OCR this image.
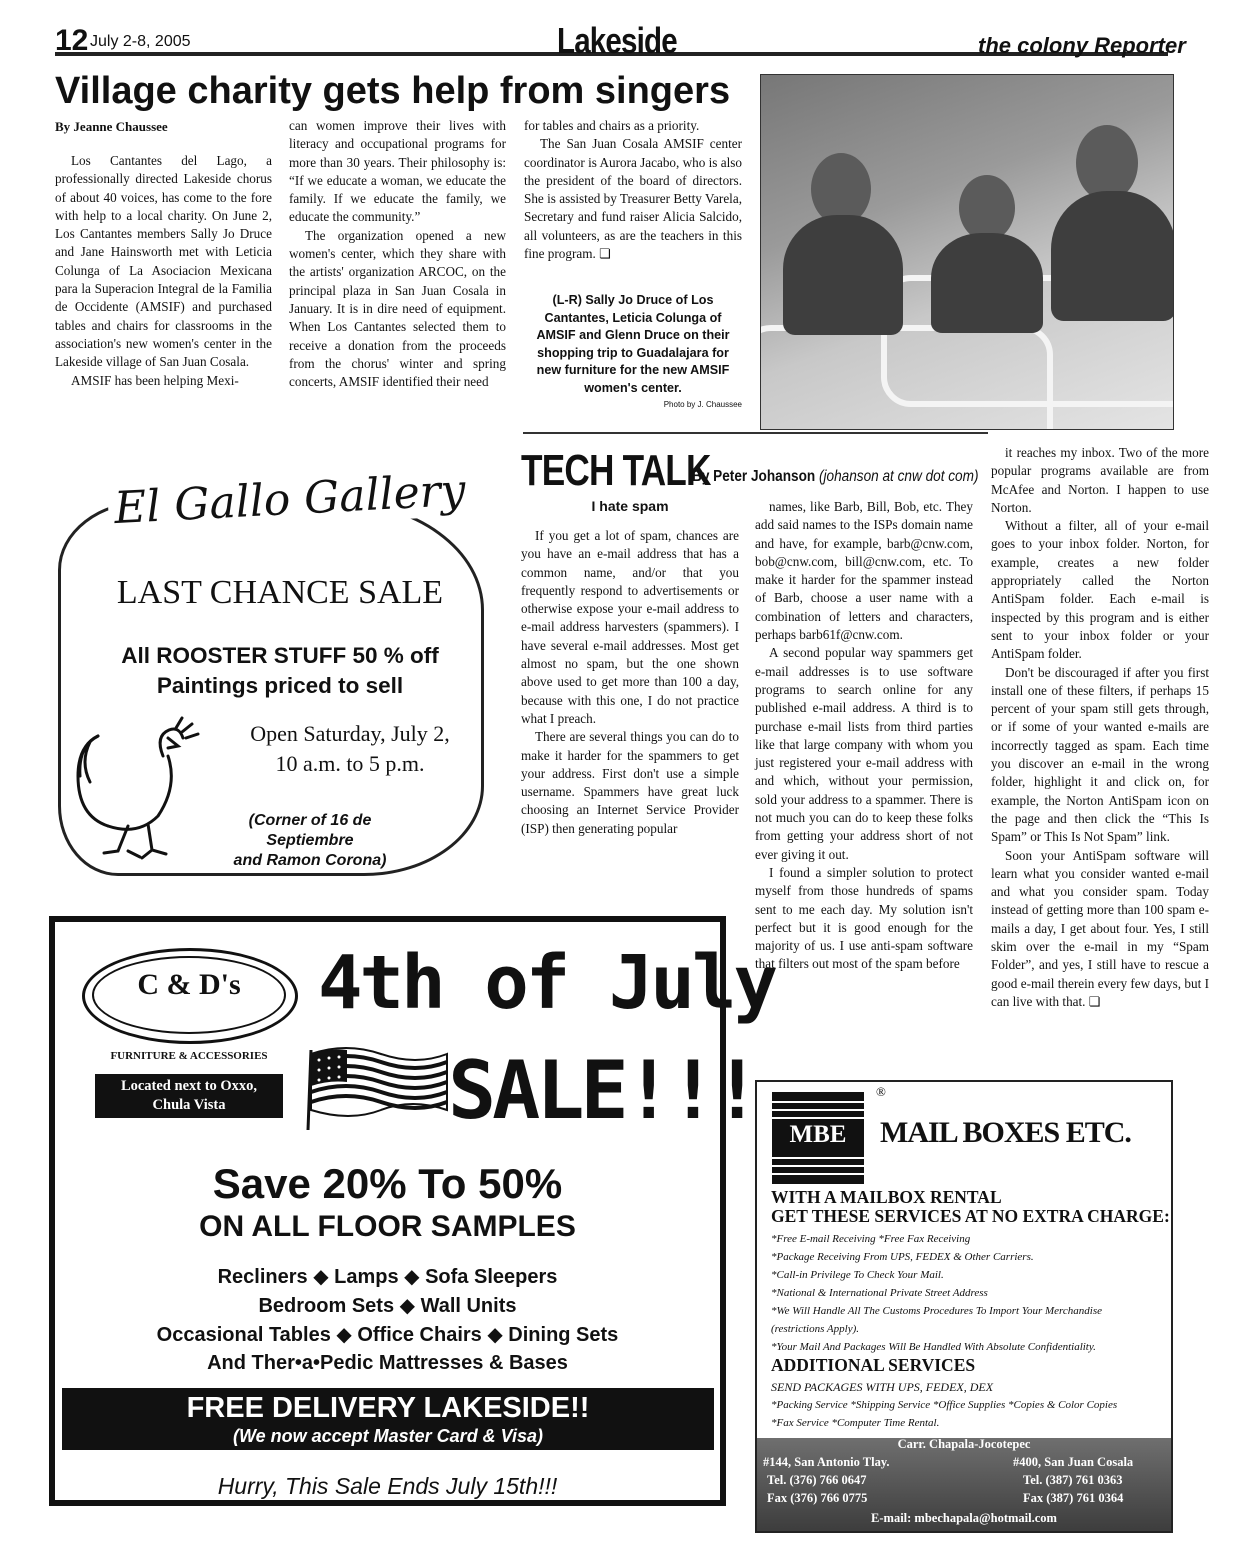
12 July 2-8, 2005	Lakeside	the colony Reporter
Village charity gets help from singers
By Jeanne Chaussee

Los Cantantes del Lago, a professionally directed Lakeside chorus of about 40 voices, has come to the fore with help to a local charity. On June 2, Los Cantantes members Sally Jo Druce and Jane Hainsworth met with Leticia Colunga of La Asociacion Mexicana para la Superacion Integral de la Familia de Occidente (AMSIF) and purchased tables and chairs for classrooms in the association's new women's center in the Lakeside village of San Juan Cosala.

AMSIF has been helping Mexi-

can women improve their lives with literacy and occupational programs for more than 30 years. Their philosophy is: “If we educate a woman, we educate the family. If we educate the family, we educate the community.”

The organization opened a new women's center, which they share with the artists' organization ARCOC, on the principal plaza in San Juan Cosala in January. It is in dire need of equipment. When Los Cantantes selected them to receive a donation from the proceeds from the chorus' winter and spring concerts, AMSIF identified their need

for tables and chairs as a priority.

The San Juan Cosala AMSIF center coordinator is Aurora Jacabo, who is also the president of the board of directors. She is assisted by Treasurer Betty Varela, Secretary and fund raiser Alicia Salcido, all volunteers, as are the teachers in this fine program. ❏

(L-R) Sally Jo Druce of Los Cantantes, Leticia Colunga of AMSIF and Glenn Druce on their shopping trip to Guadalajara for new furniture for the new AMSIF women's center.
Photo by J. Chaussee
El Gallo Gallery
LAST CHANCE SALE
All ROOSTER STUFF 50 % off
Paintings priced to sell
Open Saturday, July 2,
10 a.m. to 5 p.m.
(Corner of 16 de
Septiembre
and Ramon Corona)
TECH TALK
By Peter Johanson (johanson at cnw dot com)
I hate spam

If you get a lot of spam, chances are you have an e-mail address that has a common name, and/or that you frequently respond to advertisements or otherwise expose your e-mail address to e-mail address harvesters (spammers). I have several e-mail addresses. Most get almost no spam, but the one shown above used to get more than 100 a day, because with this one, I do not practice what I preach.

There are several things you can do to make it harder for the spammers to get your address. First don't use a simple username. Spammers have great luck choosing an Internet Service Provider (ISP) then generating popular

names, like Barb, Bill, Bob, etc. They add said names to the ISPs domain name and have, for example, barb@cnw.com, bob@cnw.com, bill@cnw.com, etc. To make it harder for the spammer instead of Barb, choose a user name with a combination of letters and characters, perhaps barb61f@cnw.com.

A second popular way spammers get e-mail addresses is to use software programs to search online for any published e-mail address. A third is to purchase e-mail lists from third parties like that large company with whom you just registered your e-mail address with and which, without your permission, sold your address to a spammer. There is not much you can do to keep these folks from getting your address short of not ever giving it out.

I found a simpler solution to protect myself from those hundreds of spams sent to me each day. My solution isn't perfect but it is good enough for the majority of us. I use anti-spam software that filters out most of the spam before

it reaches my inbox. Two of the more popular programs available are from McAfee and Norton. I happen to use Norton.

Without a filter, all of your e-mail goes to your inbox folder. Norton, for example, creates a new folder appropriately called the Norton AntiSpam folder. Each e-mail is inspected by this program and is either sent to your inbox folder or your AntiSpam folder.

Don't be discouraged if after you first install one of these filters, if perhaps 15 percent of your spam still gets through, or if some of your wanted e-mails are incorrectly tagged as spam. Each time you discover an e-mail in the wrong folder, highlight it and click on, for example, the Norton AntiSpam icon on the page and then click the “This Is Spam” or This Is Not Spam” link.

Soon your AntiSpam software will learn what you consider wanted e-mail and what you consider spam. Today instead of getting more than 100 spam e-mails a day, I get about four. Yes, I still skim over the e-mail in my “Spam Folder”, and yes, I still have to rescue a good e-mail therein every few days, but I can live with that. ❏

C & D's
FURNITURE & ACCESSORIES
Located next to Oxxo,
Chula Vista
4th of July
SALE!!!
Save 20% To 50%
ON ALL FLOOR SAMPLES
Recliners ◆ Lamps ◆ Sofa Sleepers
Bedroom Sets ◆ Wall Units
Occasional Tables ◆ Office Chairs ◆ Dining Sets
And Ther•a•Pedic Mattresses & Bases
FREE DELIVERY LAKESIDE!!
(We now accept Master Card & Visa)
Hurry, This Sale Ends July 15th!!!
MBE
®
MAIL BOXES ETC.
WITH A MAILBOX RENTAL
GET THESE SERVICES AT NO EXTRA CHARGE:
*Free E-mail Receiving *Free Fax Receiving
*Package Receiving From UPS, FEDEX & Other Carriers.
*Call-in Privilege To Check Your Mail.
*National & International Private Street Address
*We Will Handle All The Customs Procedures To Import Your Merchandise
(restrictions Apply).
*Your Mail And Packages Will Be Handled With Absolute Confidentiality.
ADDITIONAL SERVICES
SEND PACKAGES WITH UPS, FEDEX, DEX
*Packing Service *Shipping Service *Office Supplies *Copies & Color Copies
*Fax Service *Computer Time Rental.
Carr. Chapala-Jocotepec
#144, San Antonio Tlay.
Tel. (376) 766 0647
Fax (376) 766 0775
#400, San Juan Cosala
Tel. (387) 761 0363
Fax (387) 761 0364
E-mail: mbechapala@hotmail.com
